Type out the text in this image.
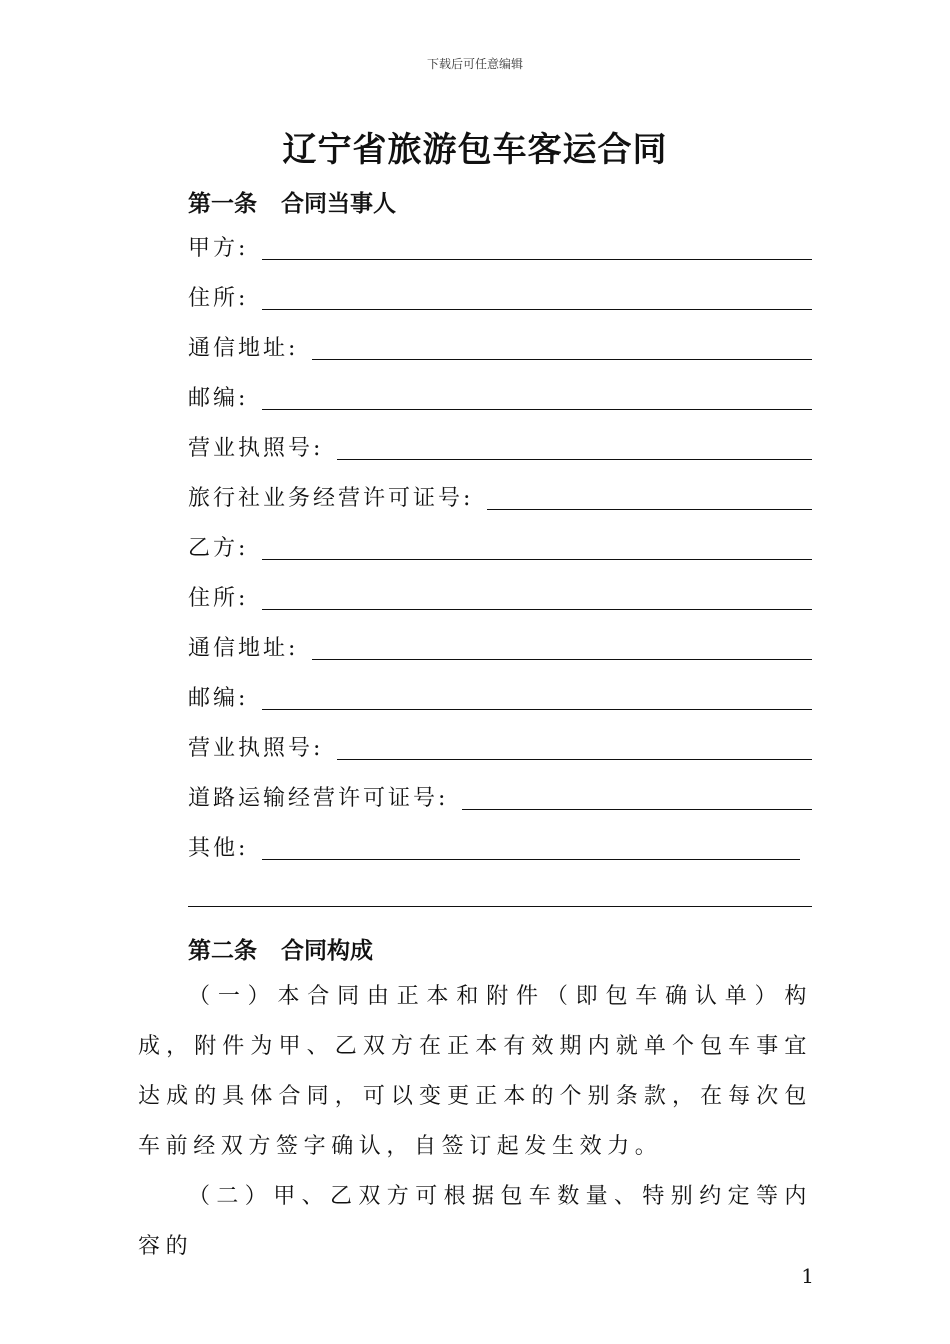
下载后可任意编辑
辽宁省旅游包车客运合同
第一条 合同当事人
甲方:
住所:
通信地址:
邮编:
营业执照号:
旅行社业务经营许可证号:
乙方:
住所:
通信地址:
邮编:
营业执照号:
道路运输经营许可证号:
其他:
第二条 合同构成
（一）本合同由正本和附件（即包车确认单）构成，附件为甲、乙双方在正本有效期内就单个包车事宜达成的具体合同，可以变更正本的个别条款，在每次包车前经双方签字确认，自签订起发生效力。
（二）甲、乙双方可根据包车数量、特别约定等内容的
1
